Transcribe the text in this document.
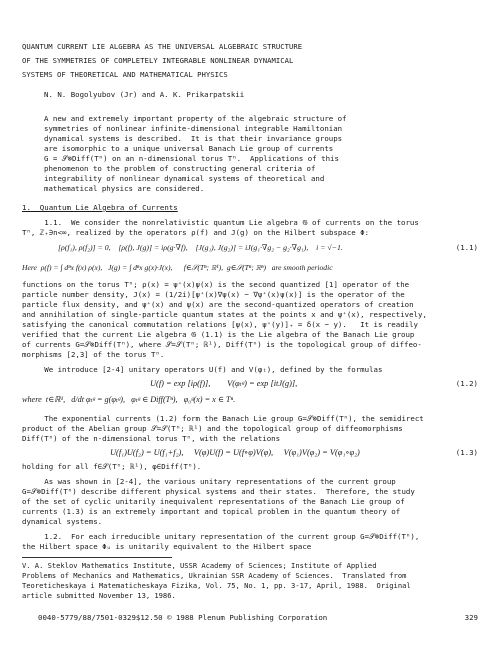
QUANTUM CURRENT LIE ALGEBRA AS THE UNIVERSAL ALGEBRAIC STRUCTURE
OF THE SYMMETRIES OF COMPLETELY INTEGRABLE NONLINEAR DYNAMICAL
SYSTEMS OF THEORETICAL AND MATHEMATICAL PHYSICS
N. N. Bogolyubov (Jr) and A. K. Prikarpatskii
A new and extremely important property of the algebraic structure of
symmetries of nonlinear infinite-dimensional integrable Hamiltonian
dynamical systems is described.  It is that their invariance groups
are isomorphic to a unique universal Banach Lie group of currents
G = 𝒮⊗Diff(Tⁿ) on an n-dimensional torus Tⁿ.  Applications of this
phenomenon to the problem of constructing general criteria of
integrability of nonlinear dynamical systems of theoretical and
mathematical physics are considered.
1.  Quantum Lie Algebra of Currents
1.1.  We consider the nonrelativistic quantum Lie algebra 𝔊 of currents on the torus
Tⁿ, ℤ₊∋n<∞, realized by the operators ρ(f) and J(g) on the Hilbert subspace Φ:
[ρ(f₁), ρ(f₂)] = 0,    [ρ(f), J(g)] = iρ(g·∇f),    [J(g₁), J(g₂)] = iJ(g₁·∇g₂ − g₂·∇g₁),    i = √−1.	(1.1)
Here  ρ(f) = ∫ dⁿx f(x) ρ(x),   J(g) = ∫ dⁿx g(x)·J(x),      f∈𝒮(Tⁿ; ℝ¹),  g∈𝒮(Tⁿ; ℝⁿ)   are smooth periodic
functions on the torus Tⁿ; ρ(x) = ψ⁺(x)ψ(x) is the second quantized [1] operator of the
particle number density, J(x) = (1/2i)[ψ⁺(x)∇ψ(x) − ∇ψ⁺(x)ψ(x)] is the operator of the
particle flux density, and ψ⁺(x) and ψ(x) are the second-quantized operators of creation
and annihilation of single-particle quantum states at the points x and ψ⁺(x), respectively,
satisfying the canonical commutation relations [ψ(x), ψ⁺(y)]₊ = δ(x − y).   It is readily
verified that the current Lie algebra 𝔊 (1.1) is the Lie algebra of the Banach Lie group
of currents G=𝒮⊗Diff(Tⁿ), where 𝒮=𝒮(Tⁿ; ℝ¹), Diff(Tⁿ) is the topological group of diffeo-
morphisms [2,3] of the torus Tⁿ.
We introduce [2-4] unitary operators U(f) and V(φₜ), defined by the formulas
U(f) = exp [iρ(f)],        V(φₜᵍ) = exp [itJ(g)],	(1.2)
where  t∈ℝ¹,   d/dt φₜᵍ = g(φₜᵍ),   φₜᵍ ∈ Diff(Tⁿ),   φ₀ᵍ(x) = x ∈ Tⁿ.
The exponential currents (1.2) form the Banach Lie group G=𝒮⊗Diff(Tⁿ), the semidirect
product of the Abelian group 𝒮=𝒮(Tⁿ; ℝ¹) and the topological group of diffeomorphisms
Diff(Tⁿ) of the n-dimensional torus Tⁿ, with the relations
U(f₁)U(f₂) = U(f₁+f₂),     V(φ)U(f) = U(f∘φ)V(φ),     V(φ₁)V(φ₂) = V(φ₁∘φ₂)	(1.3)
holding for all f∈𝒮(Tⁿ; ℝ¹), φ∈Diff(Tⁿ).
As was shown in [2-4], the various unitary representations of the current group
G=𝒮⊗Diff(Tⁿ) describe different physical systems and their states.  Therefore, the study
of the set of cyclic unitarily inequivalent representations of the Banach Lie group of
currents (1.3) is an extremely important and topical problem in the quantum theory of
dynamical systems.
1.2.  For each irreducible unitary representation of the current group G=𝒮⊗Diff(Tⁿ),
the Hilbert space Φᵤ is unitarily equivalent to the Hilbert space
V. A. Steklov Mathematics Institute, USSR Academy of Sciences; Institute of Applied
Problems of Mechanics and Mathematics, Ukrainian SSR Academy of Sciences.  Translated from
Teoreticheskaya i Matematicheskaya Fizika, Vol. 75, No. 1, pp. 3-17, April, 1988.  Original
article submitted November 13, 1986.
0040-5779/88/7501-0329$12.50 © 1988 Plenum Publishing Corporation	329
